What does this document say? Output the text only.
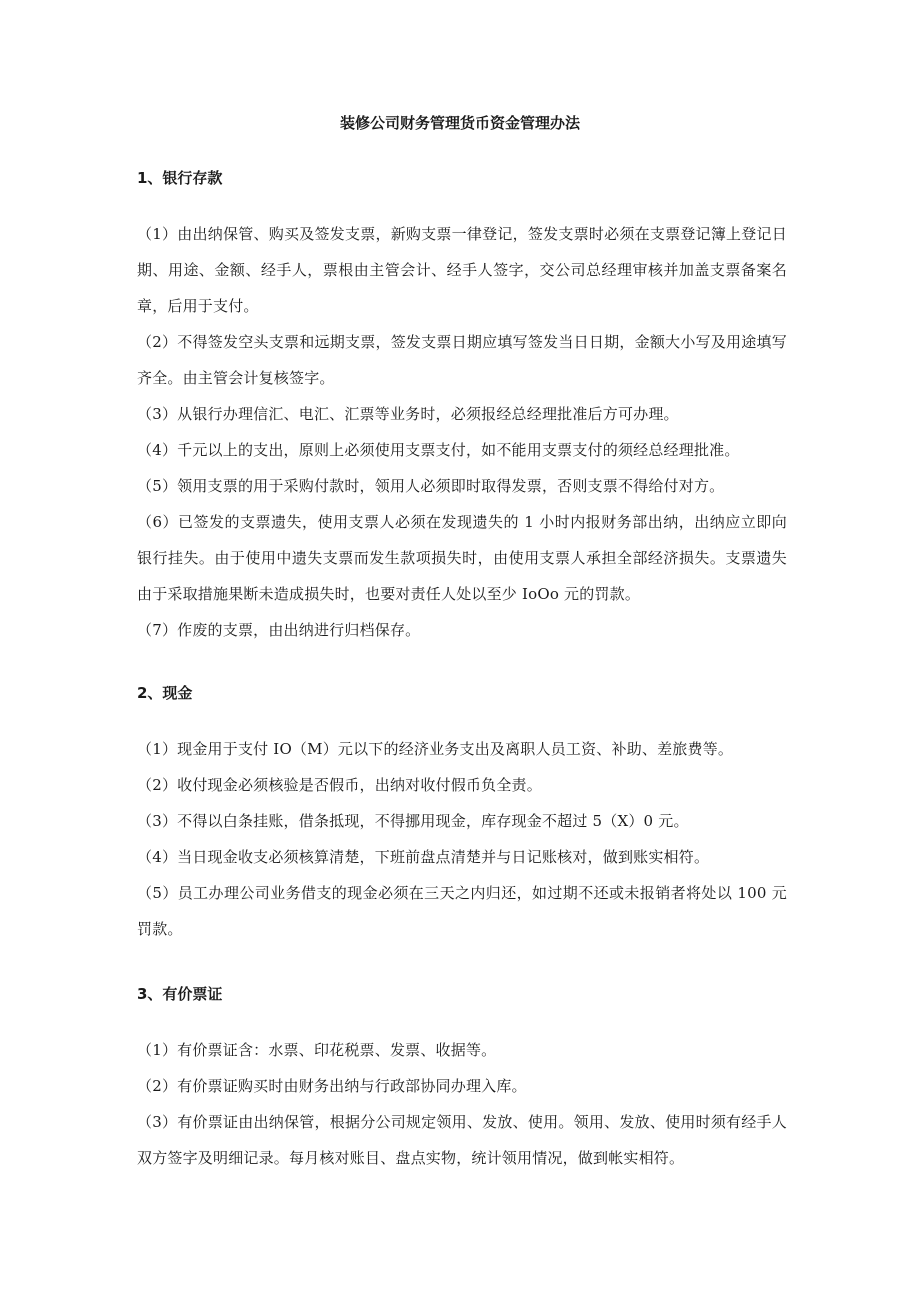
装修公司财务管理货币资金管理办法
1、银行存款
（1）由出纳保管、购买及签发支票，新购支票一律登记，签发支票时必须在支票登记簿上登记日期、用途、金额、经手人，票根由主管会计、经手人签字，交公司总经理审核并加盖支票备案名章，后用于支付。
（2）不得签发空头支票和远期支票，签发支票日期应填写签发当日日期，金额大小写及用途填写齐全。由主管会计复核签字。
（3）从银行办理信汇、电汇、汇票等业务时，必须报经总经理批准后方可办理。
（4）千元以上的支出，原则上必须使用支票支付，如不能用支票支付的须经总经理批准。
（5）领用支票的用于采购付款时，领用人必须即时取得发票，否则支票不得给付对方。
（6）已签发的支票遗失，使用支票人必须在发现遗失的 1 小时内报财务部出纳，出纳应立即向银行挂失。由于使用中遗失支票而发生款项损失时，由使用支票人承担全部经济损失。支票遗失由于采取措施果断未造成损失时，也要对责任人处以至少 IoOo 元的罚款。
（7）作废的支票，由出纳进行归档保存。
2、现金
（1）现金用于支付 IO（M）元以下的经济业务支出及离职人员工资、补助、差旅费等。
（2）收付现金必须核验是否假币，出纳对收付假币负全责。
（3）不得以白条挂账，借条抵现，不得挪用现金，库存现金不超过 5（X）0 元。
（4）当日现金收支必须核算清楚，下班前盘点清楚并与日记账核对，做到账实相符。
（5）员工办理公司业务借支的现金必须在三天之内归还，如过期不还或未报销者将处以 100 元罚款。
3、有价票证
（1）有价票证含：水票、印花税票、发票、收据等。
（2）有价票证购买时由财务出纳与行政部协同办理入库。
（3）有价票证由出纳保管，根据分公司规定领用、发放、使用。领用、发放、使用时须有经手人双方签字及明细记录。每月核对账目、盘点实物，统计领用情况，做到帐实相符。
